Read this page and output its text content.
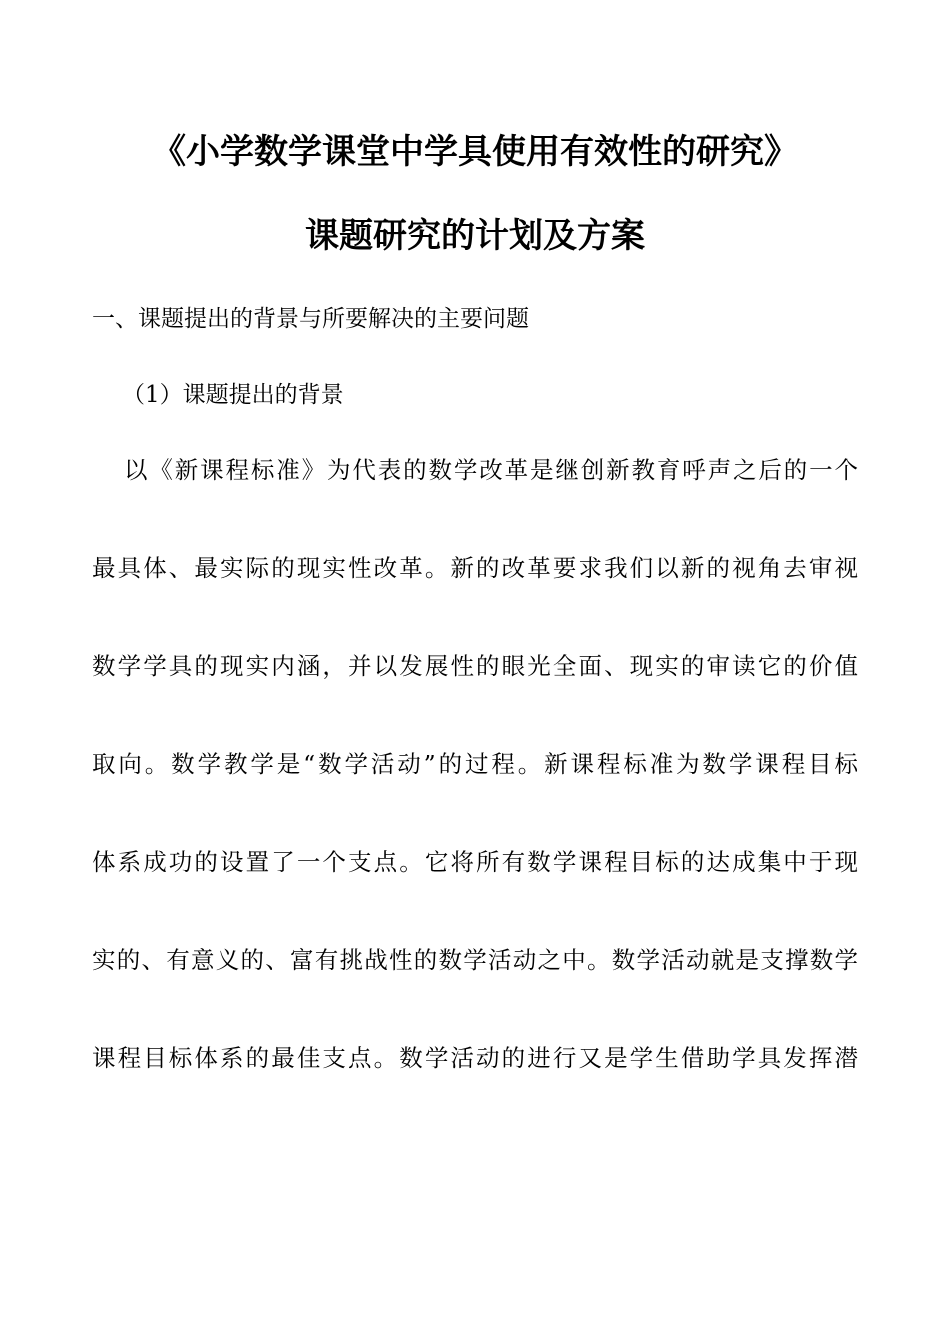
《小学数学课堂中学具使用有效性的研究》
课题研究的计划及方案
一、课题提出的背景与所要解决的主要问题
（1）课题提出的背景
以《新课程标准》为代表的数学改革是继创新教育呼声之后的一个
最具体、最实际的现实性改革。新的改革要求我们以新的视角去审视
数学学具的现实内涵，并以发展性的眼光全面、现实的审读它的价值
取向。数学教学是“数学活动”的过程。新课程标准为数学课程目标
体系成功的设置了一个支点。它将所有数学课程目标的达成集中于现
实的、有意义的、富有挑战性的数学活动之中。数学活动就是支撑数学
课程目标体系的最佳支点。数学活动的进行又是学生借助学具发挥潜
